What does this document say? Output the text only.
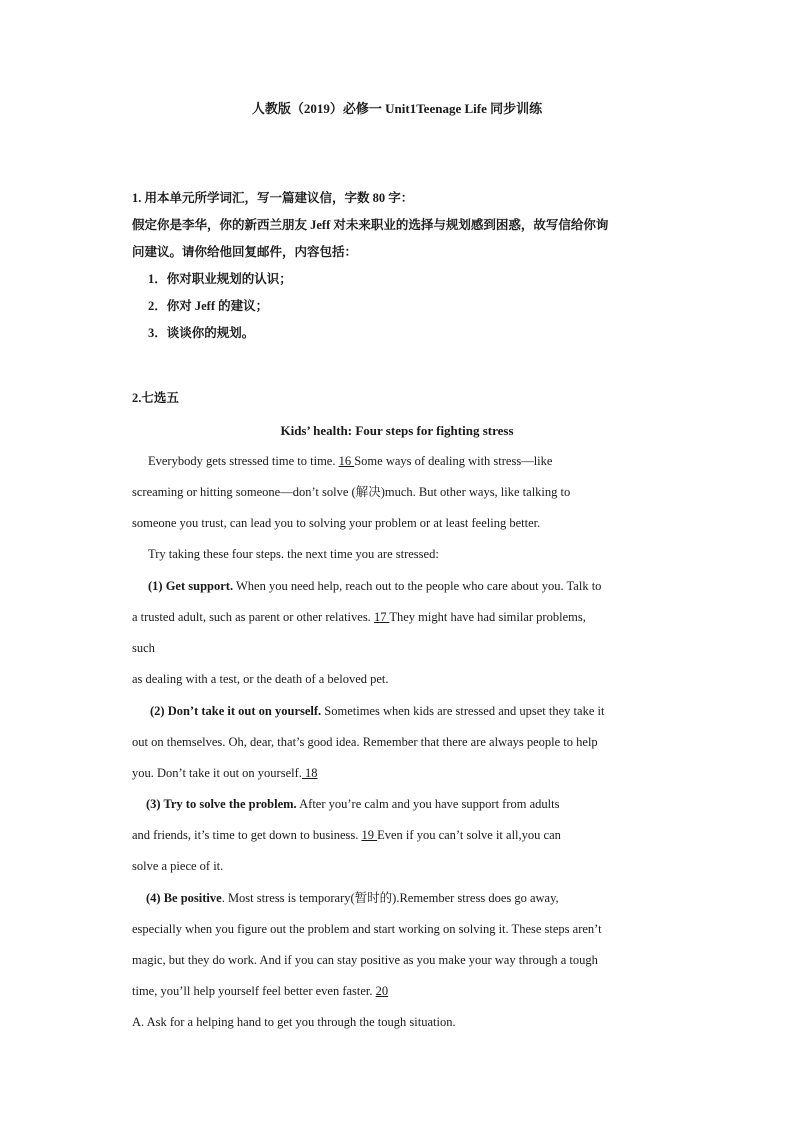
人教版（2019）必修一 Unit1Teenage Life 同步训练
1. 用本单元所学词汇，写一篇建议信，字数 80 字：
假定你是李华，你的新西兰朋友 Jeff 对未来职业的选择与规划感到困惑，故写信给你询
问建议。请你给他回复邮件，内容包括：
1．你对职业规划的认识；
2．你对 Jeff 的建议；
3．谈谈你的规划。
2.七选五
Kids’ health: Four steps for fighting stress
Everybody gets stressed time to time. 16 Some ways of dealing with stress—like
screaming or hitting someone—don’t solve (解决)much. But other ways, like talking to
someone you trust, can lead you to solving your problem or at least feeling better.
Try taking these four steps. the next time you are stressed:
(1) Get support. When you need help, reach out to the people who care about you. Talk to
a trusted adult, such as parent or other relatives. 17 They might have had similar problems,
such
as dealing with a test, or the death of a beloved pet.
(2) Don’t take it out on yourself. Sometimes when kids are stressed and upset they take it
out on themselves. Oh, dear, that’s good idea. Remember that there are always people to help
you. Don’t take it out on yourself. 18
(3) Try to solve the problem. After you’re calm and you have support from adults
and friends, it’s time to get down to business. 19 Even if you can’t solve it all,you can
solve a piece of it.
(4) Be positive. Most stress is temporary(暂时的).Remember stress does go away,
especially when you figure out the problem and start working on solving it. These steps aren’t
magic, but they do work. And if you can stay positive as you make your way through a tough
time, you’ll help yourself feel better even faster. 20
A. Ask for a helping hand to get you through the tough situation.
